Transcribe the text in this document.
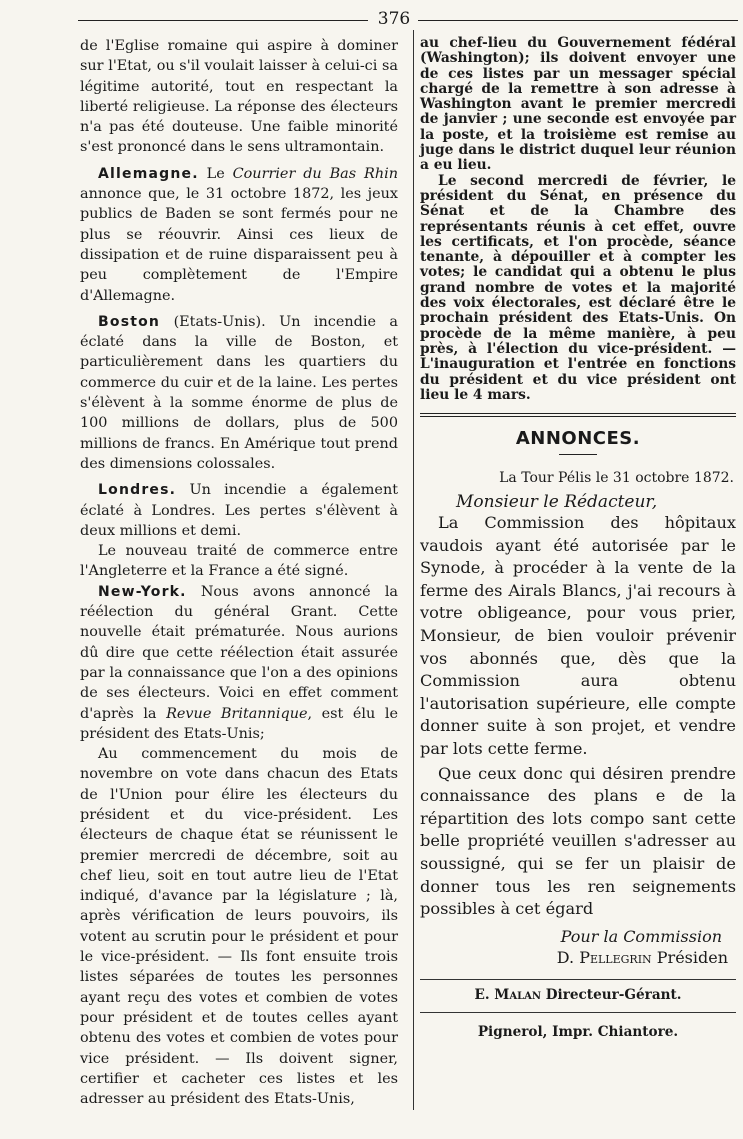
376

de l'Eglise romaine qui aspire à dominer sur l'Etat, ou s'il voulait laisser à celui-ci sa légitime autorité, tout en respectant la liberté religieuse. La réponse des électeurs n'a pas été douteuse. Une faible minorité s'est prononcé dans le sens ultramontain.

Allemagne. Le Courrier du Bas Rhin annonce que, le 31 octobre 1872, les jeux publics de Baden se sont fermés pour ne plus se réouvrir. Ainsi ces lieux de dissipation et de ruine disparaissent peu à peu complètement de l'Empire d'Allemagne.

Boston (Etats-Unis). Un incendie a éclaté dans la ville de Boston, et particulièrement dans les quartiers du commerce du cuir et de la laine. Les pertes s'élèvent à la somme énorme de plus de 100 millions de dollars, plus de 500 millions de francs. En Amérique tout prend des dimensions colossales.

Londres. Un incendie a également éclaté à Londres. Les pertes s'élèvent à deux millions et demi.

Le nouveau traité de commerce entre l'Angleterre et la France a été signé.

New-York. Nous avons annoncé la réélection du général Grant. Cette nouvelle était prématurée. Nous aurions dû dire que cette réélection était assurée par la connaissance que l'on a des opinions de ses électeurs. Voici en effet comment d'après la Revue Britannique, est élu le président des Etats-Unis;

Au commencement du mois de novembre on vote dans chacun des Etats de l'Union pour élire les électeurs du président et du vice-président. Les électeurs de chaque état se réunissent le premier mercredi de décembre, soit au chef lieu, soit en tout autre lieu de l'Etat indiqué, d'avance par la législature ; là, après vérification de leurs pouvoirs, ils votent au scrutin pour le président et pour le vice-président. — Ils font ensuite trois listes séparées de toutes les personnes ayant reçu des votes et combien de votes pour président et de toutes celles ayant obtenu des votes et combien de votes pour vice président. — Ils doivent signer, certifier et cacheter ces listes et les adresser au président des Etats-Unis,

au chef-lieu du Gouvernement fédéral (Washington); ils doivent envoyer une de ces listes par un messager spécial chargé de la remettre à son adresse à Washington avant le premier mercredi de janvier ; une seconde est envoyée par la poste, et la troisième est remise au juge dans le district duquel leur réunion a eu lieu.

Le second mercredi de février, le président du Sénat, en présence du Sénat et de la Chambre des représentants réunis à cet effet, ouvre les certificats, et l'on procède, séance tenante, à dépouiller et à compter les votes; le candidat qui a obtenu le plus grand nombre de votes et la majorité des voix électorales, est déclaré être le prochain président des Etats-Unis. On procède de la même manière, à peu près, à l'élection du vice-président. — L'inauguration et l'entrée en fonctions du président et du vice président ont lieu le 4 mars.

ANNONCES.
La Tour Pélis le 31 octobre 1872.
Monsieur le Rédacteur,

La Commission des hôpitaux vaudois ayant été autorisée par le Synode, à procéder à la vente de la ferme des Airals Blancs, j'ai recours à votre obligeance, pour vous prier, Monsieur, de bien vouloir prévenir vos abonnés que, dès que la Commission aura obtenu l'autorisation supérieure, elle compte donner suite à son projet, et vendre par lots cette ferme.

Que ceux donc qui désiren prendre connaissance des plans e de la répartition des lots compo sant cette belle propriété veuillen s'adresser au soussigné, qui se fer un plaisir de donner tous les ren seignements possibles à cet égard

Pour la Commission
D. Pellegrin Présiden
E. Malan Directeur-Gérant.
Pignerol, Impr. Chiantore.
